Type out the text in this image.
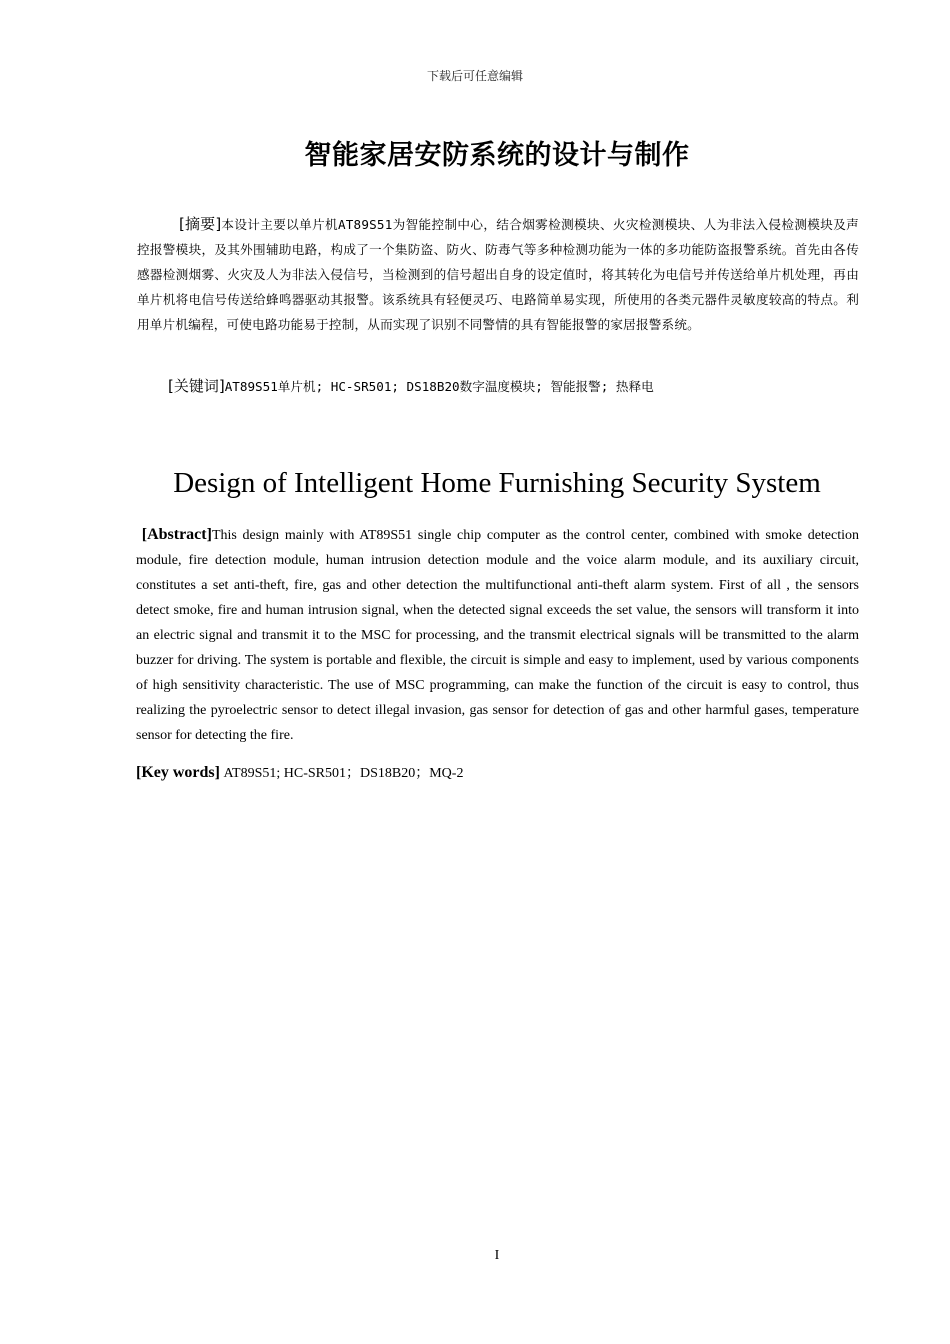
下载后可任意编辑
智能家居安防系统的设计与制作
[摘要]本设计主要以单片机AT89S51为智能控制中心，结合烟雾检测模块、火灾检测模块、人为非法入侵检测模块及声控报警模块，及其外围辅助电路，构成了一个集防盗、防火、防毒气等多种检测功能为一体的多功能防盗报警系统。首先由各传感器检测烟雾、火灾及人为非法入侵信号，当检测到的信号超出自身的设定值时，将其转化为电信号并传送给单片机处理，再由单片机将电信号传送给蜂鸣器驱动其报警。该系统具有轻便灵巧、电路简单易实现，所使用的各类元器件灵敏度较高的特点。利用单片机编程，可使电路功能易于控制，从而实现了识别不同警情的具有智能报警的家居报警系统。
[关键词]AT89S51单片机; HC-SR501; DS18B20数字温度模块; 智能报警; 热释电
Design of Intelligent Home Furnishing Security System
[Abstract]This design mainly with AT89S51 single chip computer as the control center, combined with smoke detection module, fire detection module, human intrusion detection module and the voice alarm module, and its auxiliary circuit, constitutes a set anti-theft, fire, gas and other detection the multifunctional anti-theft alarm system. First of all , the sensors detect smoke, fire and human intrusion signal, when the detected signal exceeds the set value, the sensors will transform it into an electric signal and transmit it to the MSC for processing, and the transmit electrical signals will be transmitted to the alarm buzzer for driving. The system is portable and flexible, the circuit is simple and easy to implement, used by various components of high sensitivity characteristic. The use of MSC programming, can make the function of the circuit is easy to control, thus realizing the pyroelectric sensor to detect illegal invasion, gas sensor for detection of gas and other harmful gases, temperature sensor for detecting the fire.
[Key words] AT89S51; HC-SR501；DS18B20；MQ-2
I
